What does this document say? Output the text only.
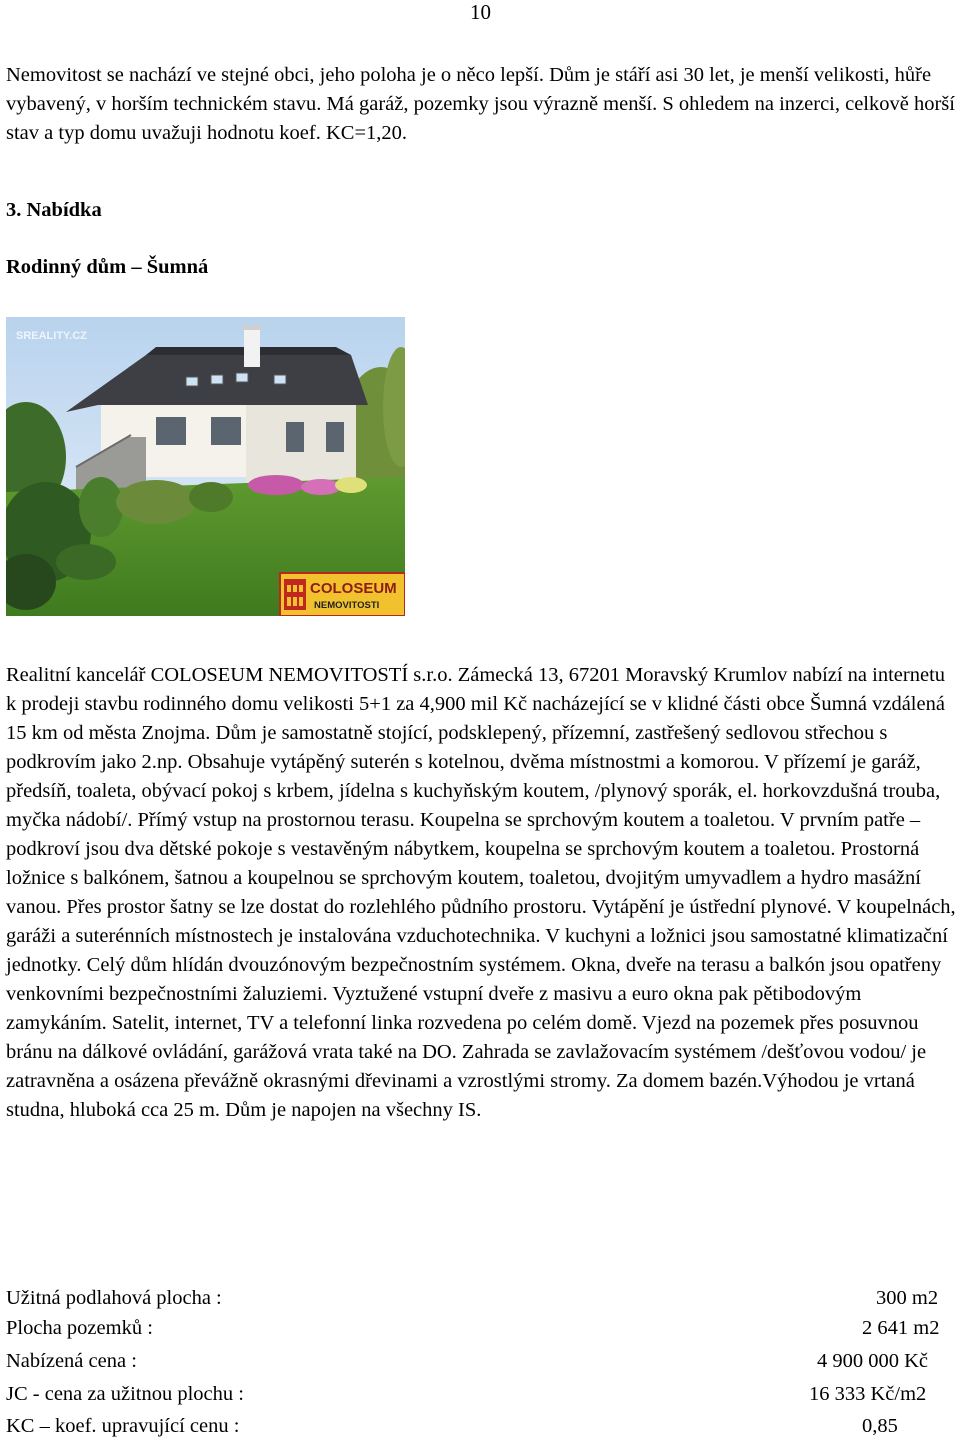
10

Nemovitost se nachází ve stejné obci, jeho poloha je o něco lepší. Dům je stáří asi 30 let, je menší velikosti, hůře vybavený, v horším technickém stavu. Má garáž, pozemky jsou výrazně menší. S ohledem na inzerci, celkově horší stav a typ domu uvažuji hodnotu koef. KC=1,20.

3. Nabídka
Rodinný dům – Šumná
SREALITY.CZ
COLOSEUM
NEMOVITOSTI

Realitní kancelář COLOSEUM NEMOVITOSTÍ s.r.o. Zámecká 13, 67201 Moravský Krumlov nabízí na internetu k prodeji stavbu rodinného domu velikosti 5+1 za 4,900 mil Kč nacházející se v klidné části obce Šumná vzdálená 15 km od města Znojma. Dům je samostatně stojící, podsklepený, přízemní, zastřešený sedlovou střechou s podkrovím jako 2.np. Obsahuje vytápěný suterén s kotelnou, dvěma místnostmi a komorou. V přízemí je garáž, předsíň, toaleta, obývací pokoj s krbem, jídelna s kuchyňským koutem, /plynový sporák, el. horkovzdušná trouba, myčka nádobí/. Přímý vstup na prostornou terasu. Koupelna se sprchovým koutem a toaletou. V prvním patře – podkroví jsou dva dětské pokoje s vestavěným nábytkem, koupelna se sprchovým koutem a toaletou. Prostorná ložnice s balkónem, šatnou a koupelnou se sprchovým koutem, toaletou, dvojitým umyvadlem a hydro masážní vanou. Přes prostor šatny se lze dostat do rozlehlého půdního prostoru. Vytápění je ústřední plynové. V koupelnách, garáži a suterénních místnostech je instalována vzduchotechnika. V kuchyni a ložnici jsou samostatné klimatizační jednotky. Celý dům hlídán dvouzónovým bezpečnostním systémem. Okna, dveře na terasu a balkón jsou opatřeny venkovními bezpečnostními žaluziemi. Vyztužené vstupní dveře z masivu a euro okna pak pětibodovým zamykáním. Satelit, internet, TV a telefonní linka rozvedena po celém domě. Vjezd na pozemek přes posuvnou bránu na dálkové ovládání, garážová vrata také na DO. Zahrada se zavlažovacím systémem /dešťovou vodou/ je zatravněna a osázena převážně okrasnými dřevinami a vzrostlými stromy. Za domem bazén.Výhodou je vrtaná studna, hluboká cca 25 m. Dům je napojen na všechny IS.

Užitná podlahová plocha :	300 m2
Plocha pozemků :	2 641 m2
Nabízená cena :	4 900 000 Kč
JC - cena za užitnou plochu :	16 333 Kč/m2
KC – koef. upravující cenu :	0,85
